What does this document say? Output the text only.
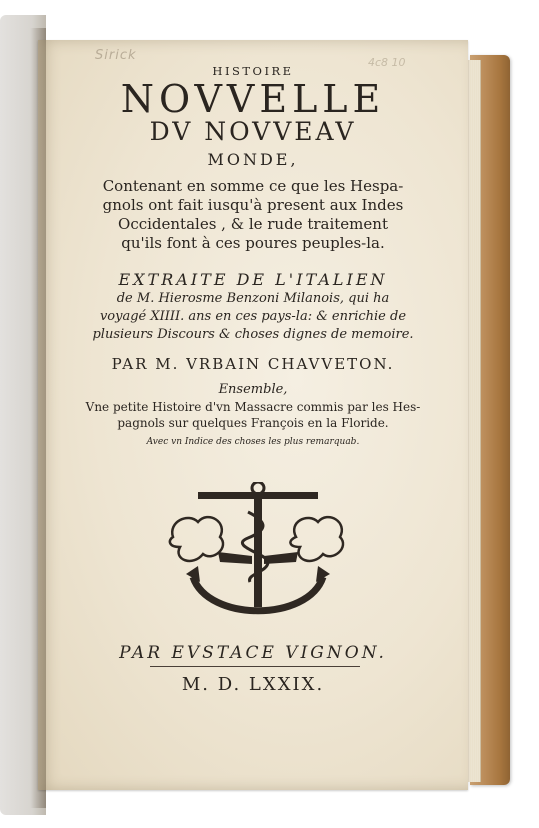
Sirick	4c8 10
HISTOIRE
NOVVELLE
DV NOVVEAV
MONDE,
Contenant en somme ce que les Hespa-
gnols ont fait iusqu'à present aux Indes
Occidentales , & le rude traitement
qu'ils font à ces poures peuples-la.
EXTRAITE DE L'ITALIEN
de M. Hierosme Benzoni Milanois, qui ha
voyagé XIIII. ans en ces pays-la: & enrichie de
plusieurs Discours & choses dignes de memoire.
PAR M. VRBAIN CHAVVETON.
Ensemble,
Vne petite Histoire d'vn Massacre commis par les Hes-
pagnols sur quelques François en la Floride.
Avec vn Indice des choses les plus remarquab.
PAR EVSTACE VIGNON.
M. D. LXXIX.
